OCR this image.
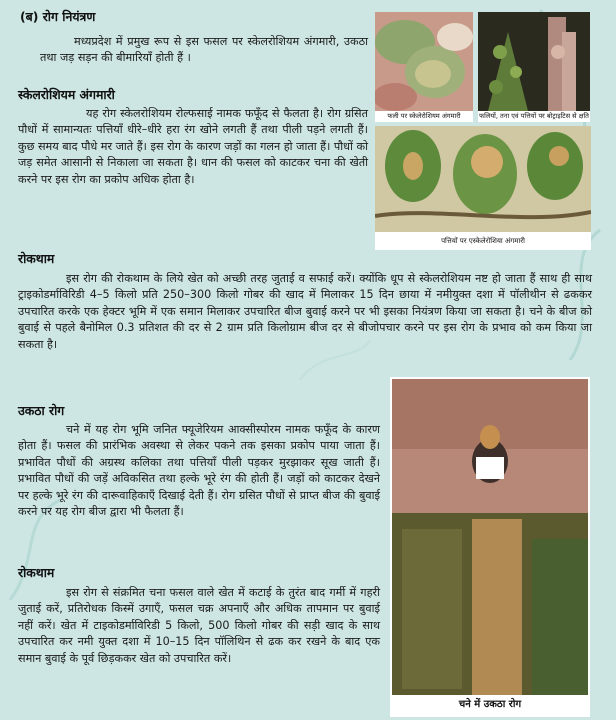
(ब) रोग नियंत्रण
मध्यप्रदेश में प्रमुख रूप से इस फसल पर स्केलरोशियम अंगमारी, उकठा तथा जड़ सड़न की बीमारियाँ होती हैं ।
स्केलरोशियम अंगमारी
यह रोग स्केलरोशियम रोल्फसाई नामक फफूँद से फैलता है। रोग ग्रसित पौधों में सामान्यतः पत्तियाँ धीरे–धीरे हरा रंग खोने लगती हैं तथा पीली पड़ने लगती हैं। कुछ समय बाद पौधे मर जाते हैं। इस रोग के कारण जड़ों का गलन हो जाता हैं। पौधों को जड़ समेत आसानी से निकाला जा सकता है। धान की फसल को काटकर चना की खेती करने पर इस रोग का प्रकोप अधिक होता है।
रोकथाम
इस रोग की रोकथाम के लिये खेत को अच्छी तरह जुताई व सफाई करें। क्योंकि धूप से स्केलरोशियम नष्ट हो जाता हैं साथ ही साथ ट्राइकोडर्माविरिडी 4–5 किलो प्रति 250–300 किलो गोबर की खाद में मिलाकर 15 दिन छाया में नमीयुक्त दशा में पॉलीथीन से ढककर उपचारित करके एक हेक्टर भूमि में एक समान मिलाकर उपचारित बीज बुवाई करने पर भी इसका नियंत्रण किया जा सकता है। चने के बीज को बुवाई से पहले बैनोमिल 0.3 प्रतिशत की दर से 2 ग्राम प्रति किलोग्राम बीज दर से बीजोपचार करने पर इस रोग के प्रभाव को कम किया जा सकता है।
उकठा रोग
चने में यह रोग भूमि जनित फ्यूजेरियम आक्सीस्पोरम नामक फफूँद के कारण होता हैं। फसल की प्रारंभिक अवस्था से लेकर पकने तक इसका प्रकोप पाया जाता हैं। प्रभावित पौधों की अग्रस्थ कलिका तथा पत्तियाँ पीली पड़कर मुरझाकर सूख जाती हैं। प्रभावित पौधों की जड़ें अविकसित तथा हल्के भूरे रंग की होती हैं। जड़ों को काटकर देखने पर हल्के भूरे रंग की दारूवाहिकाएँ दिखाई देती हैं। रोग ग्रसित पौधों से प्राप्त बीज की बुवाई करने पर यह रोग बीज द्वारा भी फैलता हैं।
रोकथाम
इस रोग से संक्रमित चना फसल वाले खेत में कटाई के तुरंत बाद गर्मी में गहरी जुताई करें, प्रतिरोधक किस्में उगाएँ, फसल चक्र अपनाएँ और अधिक तापमान पर बुवाई नहीं करें। खेत में टाइकोडर्माविरिडी 5 किलो, 500 किलो गोबर की सड़ी खाद के साथ उपचारित कर नमी युक्त दशा में 10–15 दिन पॉलिथिन से ढक कर रखने के बाद एक समान बुवाई के पूर्व छिड़ककर खेत को उपचारित करें।
फली पर स्केलेरोशियम अंगमारी	फलियों, तना एवं पत्तियों पर बोट्राइटिस से क्षति
पत्तियों पर एस्केलेरोशिया अंगमारी
चने में उकठा रोग
